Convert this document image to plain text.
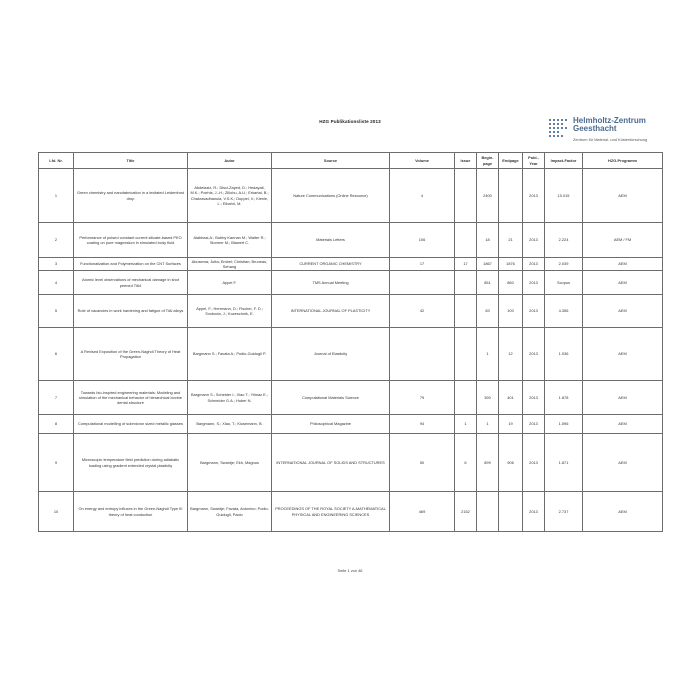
HZG Publikationsliste 2013	Helmholtz-Zentrum
Geesthacht
Zentrum für Material- und Küstenforschung
Lfd. Nr.	Title	Autor	Source	Volume	Issue	Begin-page	Endpage	Publ.-Year	Impact-Factor	HZG-Programm
1	Green chemistry and nanofabrication in a levitated Leidenfrost drop	Abdelaziz, R.; Disci-Zayed, D.; Hedayati, M.K.; Poehls, J.-H.; Zillohu, A.U.; Erkartal, B.; Chakravadhanula, V.S.K.; Duppel, V.; Kienle, L.; Elbahri, M.	Nature Communications (Online Resource)	4		2400		2013	10.015	AEM
2	Performance of pulsed constant current silicate-based PEO coating on pure magnesium in simulated body fluid	Alabbasi,A.; Bobby Kannan M.; Walter R.; Stormer M.; Blawert C.	Materials Letters	106		18	21	2013	2.224	AEM / FM
3	Functionalization and Polymerization on the CNT Surfaces	Abusema; Jutta; Embel; Christian; Bruneau, Sehang	CURRENT ORGANIC CHEMISTRY	17	17	1867	1876	2013	2.039	AEM
4	Atomic level observations of mechanical damage in shot peened Ti64	Appel F.	TMS Annual Meeting			851	860	2013	Scopus	AEM
5	Role of vacancies in work hardening and fatigue of TiAl alloys	Appel, F.; Herrmann, D.; Fischer, F. D.; Svoboda, J.; Kozeschnik, E.	INTERNATIONAL JOURNAL OF PLASTICITY	42		83	100	2013	4.356	AEM
6	A Revised Exposition of the Green-Naghdi Theory of Heat Propagation	Bargmann S.; Favata A.; Podio-Guidugli P.	Journal of Elasticity			1	12	2013	1.036	AEM
7	Towards bio-inspired engineering materials: Modeling and simulation of the mechanical behavior of hierarchical bovine dental structure	Bargmann S.; Scheider I.; Xiao T.; Yilmaz E.; Schneider G.A.; Huber N.	Computational Materials Science	79		390	401	2013	1.878	AEM
8	Computational modelling of submicron sized metallic glasses	Bargmann, S.; Xiao, T.; Klusemann, B.	Philosophical Magazine	94	1	1	19	2013	1.596	AEM
9	Microscopic temperature field prediction during adiabatic loading using gradient extended crystal plasticity	Bargmann, Swantje; Ekh, Magnus	INTERNATIONAL JOURNAL OF SOLIDS AND STRUCTURES	50	6	899	906	2013	1.871	AEM
10	On energy and entropy influxes in the Green-Naghdi Type III theory of heat conduction	Bargmann, Swantje; Favata, Antonino; Podio-Guidugli, Paolo	PROCEEDINGS OF THE ROYAL SOCIETY A-MATHEMATICAL PHYSICAL AND ENGINEERING SCIENCES	469	2152			2013	2.737	AEM
Seite 1 von 46
